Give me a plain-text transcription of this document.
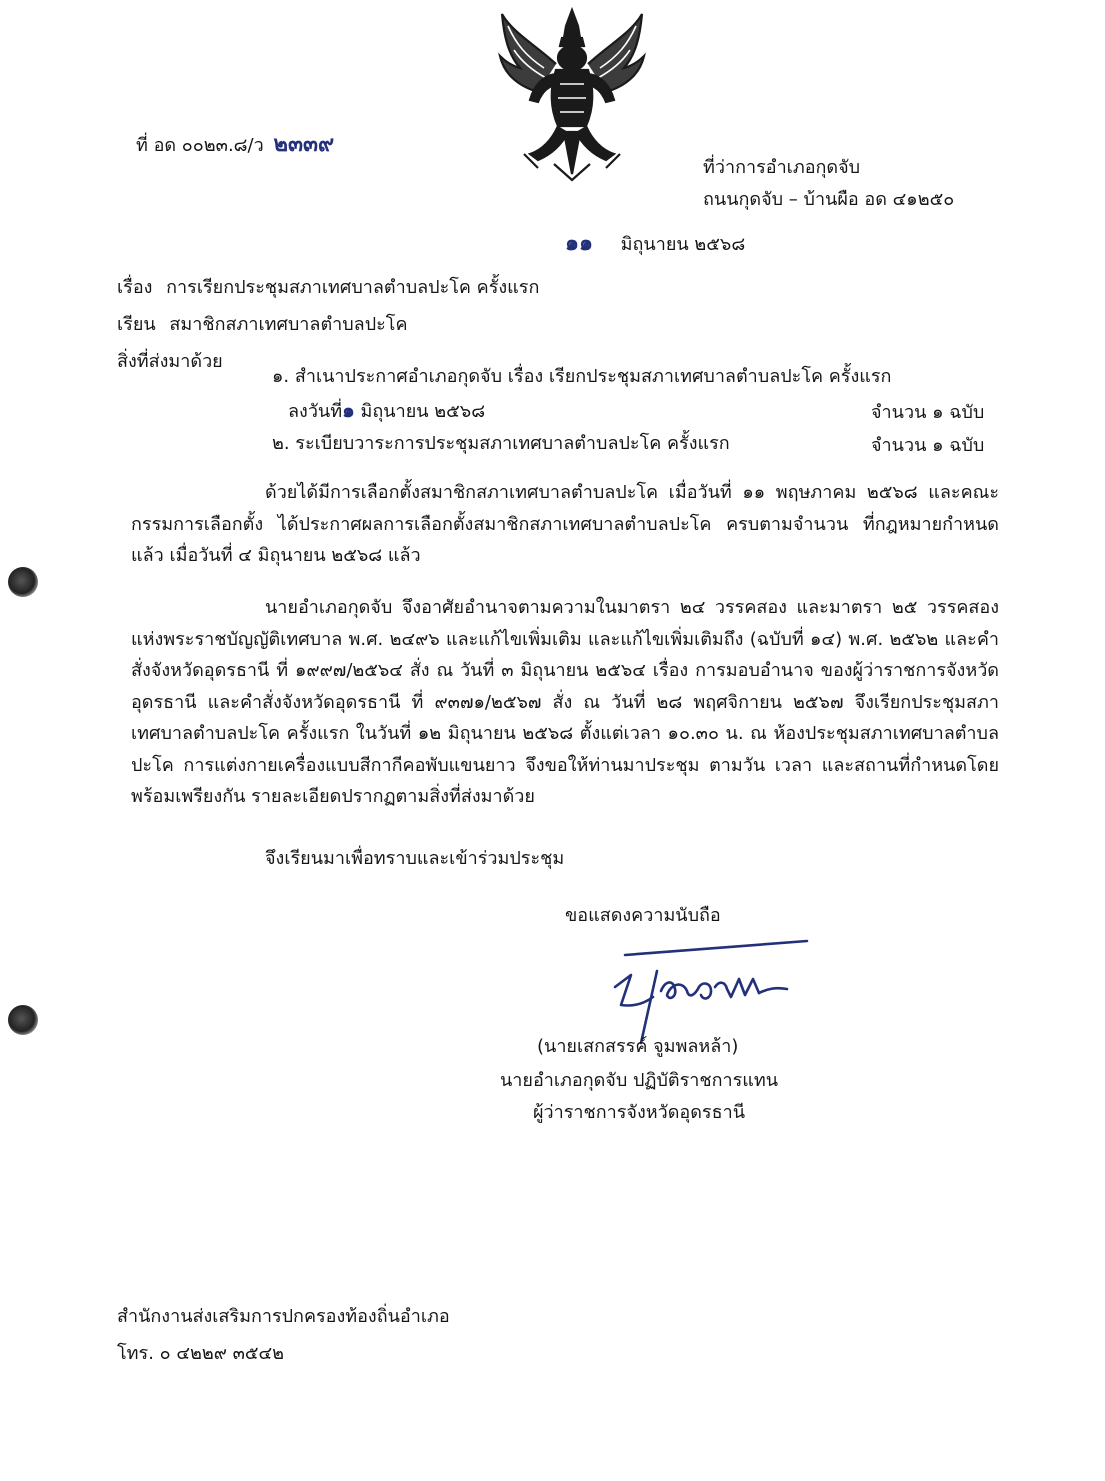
ที่ อด ๐๐๒๓.๘/ว ๒๓๓๙
ที่ว่าการอำเภอกุดจับ
ถนนกุดจับ – บ้านผือ อด ๔๑๒๕๐
๑๑ มิถุนายน ๒๕๖๘
เรื่อง การเรียกประชุมสภาเทศบาลตำบลปะโค ครั้งแรก
เรียน สมาชิกสภาเทศบาลตำบลปะโค
สิ่งที่ส่งมาด้วย
๑. สำเนาประกาศอำเภอกุดจับ เรื่อง เรียกประชุมสภาเทศบาลตำบลปะโค ครั้งแรก
ลงวันที่๑ มิถุนายน ๒๕๖๘	จำนวน ๑ ฉบับ
๒. ระเบียบวาระการประชุมสภาเทศบาลตำบลปะโค ครั้งแรก	จำนวน ๑ ฉบับ
ด้วยได้มีการเลือกตั้งสมาชิกสภาเทศบาลตำบลปะโค เมื่อวันที่ ๑๑ พฤษภาคม ๒๕๖๘ และคณะกรรมการเลือกตั้ง ได้ประกาศผลการเลือกตั้งสมาชิกสภาเทศบาลตำบลปะโค ครบตามจำนวน ที่กฎหมายกำหนดแล้ว เมื่อวันที่ ๔ มิถุนายน ๒๕๖๘ แล้ว
นายอำเภอกุดจับ จึงอาศัยอำนาจตามความในมาตรา ๒๔ วรรคสอง และมาตรา ๒๕ วรรคสอง แห่งพระราชบัญญัติเทศบาล พ.ศ. ๒๔๙๖ และแก้ไขเพิ่มเติม และแก้ไขเพิ่มเติมถึง (ฉบับที่ ๑๔) พ.ศ. ๒๕๖๒ และคำสั่งจังหวัดอุดรธานี ที่ ๑๙๙๗/๒๕๖๔ สั่ง ณ วันที่ ๓ มิถุนายน ๒๕๖๔ เรื่อง การมอบอำนาจ ของผู้ว่าราชการจังหวัดอุดรธานี และคำสั่งจังหวัดอุดรธานี ที่ ๙๓๗๑/๒๕๖๗ สั่ง ณ วันที่ ๒๘ พฤศจิกายน ๒๕๖๗ จึงเรียกประชุมสภาเทศบาลตำบลปะโค ครั้งแรก ในวันที่ ๑๒ มิถุนายน ๒๕๖๘ ตั้งแต่เวลา ๑๐.๓๐ น. ณ ห้องประชุมสภาเทศบาลตำบลปะโค การแต่งกายเครื่องแบบสีกากีคอพับแขนยาว จึงขอให้ท่านมาประชุม ตามวัน เวลา และสถานที่กำหนดโดยพร้อมเพรียงกัน รายละเอียดปรากฏตามสิ่งที่ส่งมาด้วย
จึงเรียนมาเพื่อทราบและเข้าร่วมประชุม
ขอแสดงความนับถือ
(นายเสกสรรค์ จูมพลหล้า)
นายอำเภอกุดจับ ปฏิบัติราชการแทน
ผู้ว่าราชการจังหวัดอุดรธานี
สำนักงานส่งเสริมการปกครองท้องถิ่นอำเภอ
โทร. ๐ ๔๒๒๙ ๓๕๔๒
